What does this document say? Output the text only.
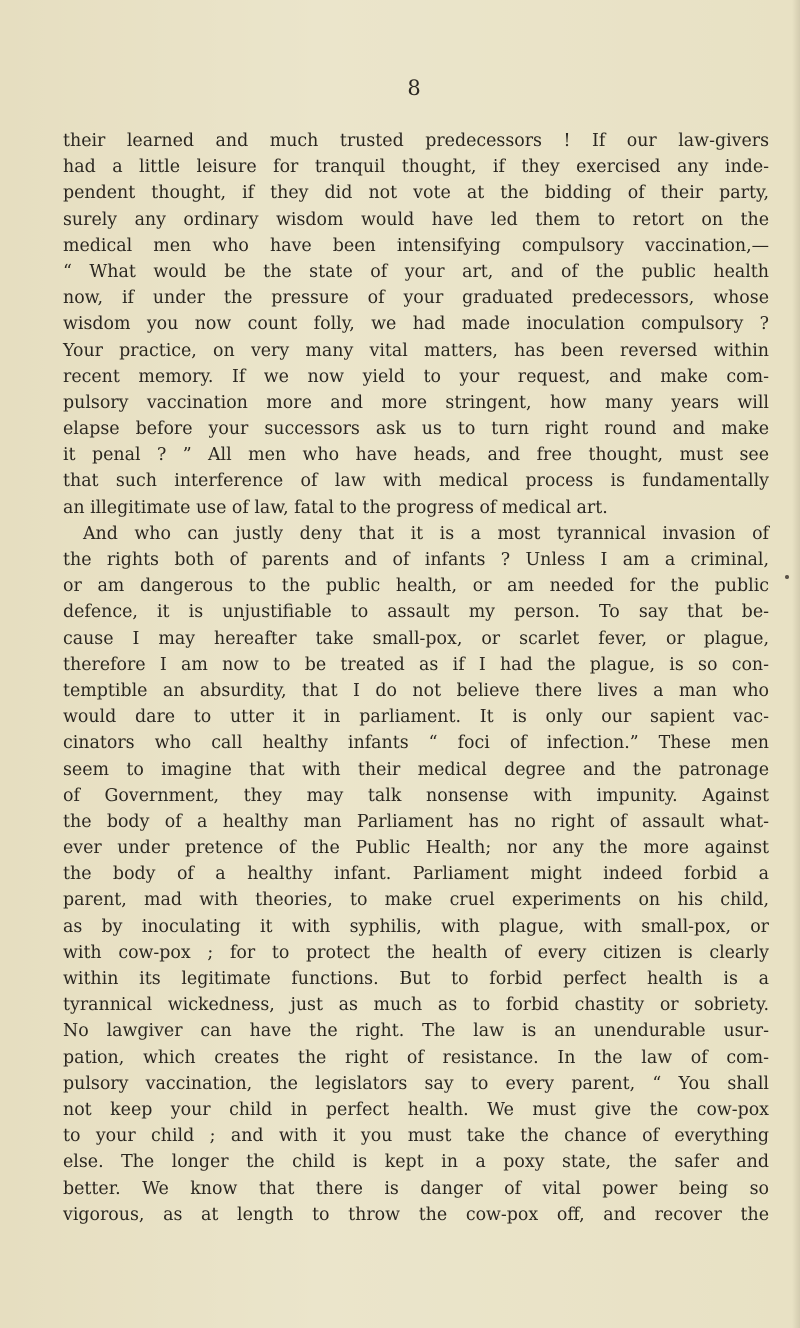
8
their learned and much trusted predecessors ! If our law-givers
had a little leisure for tranquil thought, if they exercised any inde-
pendent thought, if they did not vote at the bidding of their party,
surely any ordinary wisdom would have led them to retort on the
medical men who have been intensifying compulsory vaccination,—
“ What would be the state of your art, and of the public health
now, if under the pressure of your graduated predecessors, whose
wisdom you now count folly, we had made inoculation compulsory ?
Your practice, on very many vital matters, has been reversed within
recent memory. If we now yield to your request, and make com-
pulsory vaccination more and more stringent, how many years will
elapse before your successors ask us to turn right round and make
it penal ? ” All men who have heads, and free thought, must see
that such interference of law with medical process is fundamentally
an illegitimate use of law, fatal to the progress of medical art.
And who can justly deny that it is a most tyrannical invasion of
the rights both of parents and of infants ? Unless I am a criminal,
or am dangerous to the public health, or am needed for the public
defence, it is unjustifiable to assault my person. To say that be-
cause I may hereafter take small-pox, or scarlet fever, or plague,
therefore I am now to be treated as if I had the plague, is so con-
temptible an absurdity, that I do not believe there lives a man who
would dare to utter it in parliament. It is only our sapient vac-
cinators who call healthy infants “ foci of infection.” These men
seem to imagine that with their medical degree and the patronage
of Government, they may talk nonsense with impunity. Against
the body of a healthy man Parliament has no right of assault what-
ever under pretence of the Public Health; nor any the more against
the body of a healthy infant. Parliament might indeed forbid a
parent, mad with theories, to make cruel experiments on his child,
as by inoculating it with syphilis, with plague, with small-pox, or
with cow-pox ; for to protect the health of every citizen is clearly
within its legitimate functions. But to forbid perfect health is a
tyrannical wickedness, just as much as to forbid chastity or sobriety.
No lawgiver can have the right. The law is an unendurable usur-
pation, which creates the right of resistance. In the law of com-
pulsory vaccination, the legislators say to every parent, “ You shall
not keep your child in perfect health. We must give the cow-pox
to your child ; and with it you must take the chance of everything
else. The longer the child is kept in a poxy state, the safer and
better. We know that there is danger of vital power being so
vigorous, as at length to throw the cow-pox off, and recover the
